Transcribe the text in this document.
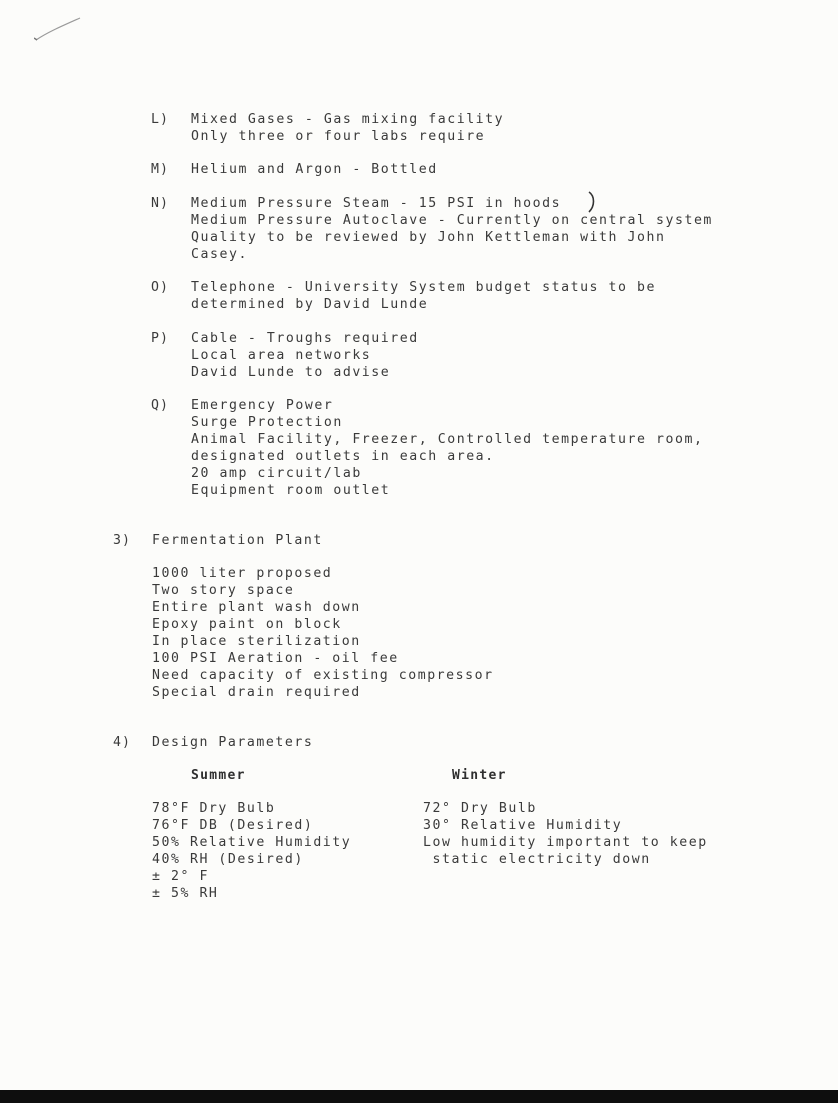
L) Mixed Gases - Gas mixing facility
Only three or four labs require
M) Helium and Argon - Bottled
N) Medium Pressure Steam - 15 PSI in hoods
Medium Pressure Autoclave - Currently on central system
Quality to be reviewed by John Kettleman with John
Casey.
O) Telephone - University System budget status to be
determined by David Lunde
P) Cable - Troughs required
Local area networks
David Lunde to advise
Q) Emergency Power
Surge Protection
Animal Facility, Freezer, Controlled temperature room,
designated outlets in each area.
20 amp circuit/lab
Equipment room outlet
3) Fermentation Plant
1000 liter proposed
Two story space
Entire plant wash down
Epoxy paint on block
In place sterilization
100 PSI Aeration - oil fee
Need capacity of existing compressor
Special drain required
4) Design Parameters
Summer	Winter
78°F Dry Bulb
76°F DB (Desired)
50% Relative Humidity
40% RH (Desired)
± 2° F
± 5% RH
72° Dry Bulb
30° Relative Humidity
Low humidity important to keep
static electricity down
